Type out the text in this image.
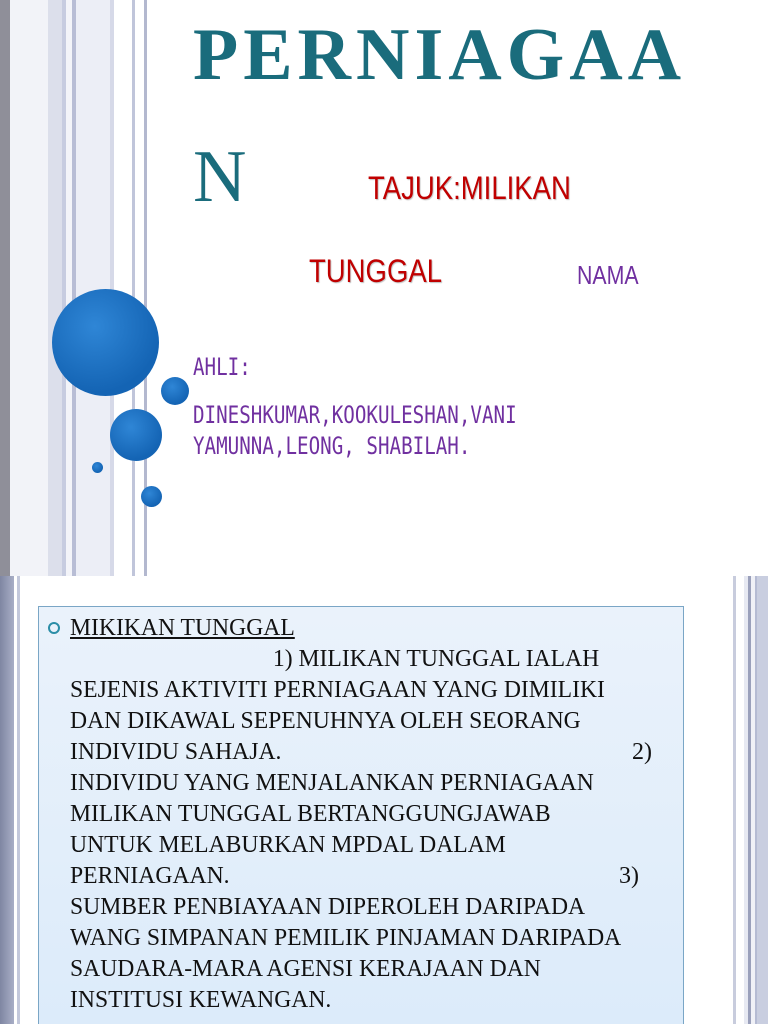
PERNIAGAA
N	TAJUK:MILIKAN
TUNGGAL	NAMA
AHLI:
DINESHKUMAR,KOOKULESHAN,VANI
YAMUNNA,LEONG, SHABILAH.
MIKIKAN TUNGGAL
1) MILIKAN TUNGGAL IALAH
SEJENIS AKTIVITI PERNIAGAAN YANG DIMILIKI
DAN DIKAWAL SEPENUHNYA OLEH SEORANG
INDIVIDU SAHAJA.
INDIVIDU YANG MENJALANKAN PERNIAGAAN
MILIKAN TUNGGAL BERTANGGUNGJAWAB
UNTUK MELABURKAN MPDAL DALAM
PERNIAGAAN.
SUMBER PENBIAYAAN DIPEROLEH DARIPADA
WANG SIMPANAN PEMILIK PINJAMAN DARIPADA
SAUDARA-MARA AGENSI KERAJAAN DAN
INSTITUSI KEWANGAN.
2)
3)
